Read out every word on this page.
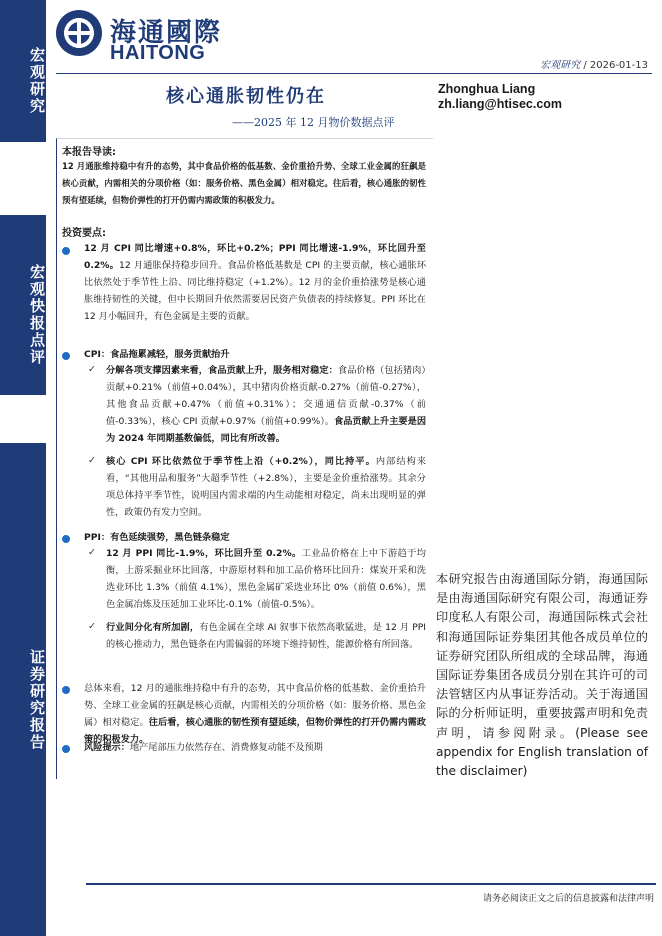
宏观研究
宏观快报点评
证券研究报告
海通國際
HAITONG
宏观研究 / 2026-01-13
核心通胀韧性仍在
——2025 年 12 月物价数据点评
Zhonghua Liang
zh.liang@htisec.com
本报告导读:
12 月通胀维持稳中有升的态势，其中食品价格的低基数、金价重拾升势、全球工业金属的狂飙是核心贡献，内需相关的分项价格（如：服务价格、黑色金属）相对稳定。往后看，核心通胀的韧性预有望延续，但物价弹性的打开仍需内需政策的积极发力。
投资要点:
12 月 CPI 同比增速+0.8%，环比+0.2%；PPI 同比增速-1.9%，环比回升至 0.2%。12 月通胀保持稳步回升。食品价格低基数是 CPI 的主要贡献，核心通胀环比依然处于季节性上沿、同比维持稳定（+1.2%）。12 月的金价重拾涨势是核心通胀维持韧性的关键，但中长期回升依然需要居民资产负债表的持续修复。PPI 环比在 12 月小幅回升，有色金属是主要的贡献。
CPI：食品拖累减轻，服务贡献抬升
✓ 分解各项支撑因素来看，食品贡献上升，服务相对稳定：食品价格（包括猪肉）贡献+0.21%（前值+0.04%），其中猪肉价格贡献-0.27%（前值-0.27%），其他食品贡献+0.47%（前值+0.31%）；交通通信贡献-0.37%（前值-0.33%），核心 CPI 贡献+0.97%（前值+0.99%）。食品贡献上升主要是因为 2024 年同期基数偏低，同比有所改善。
✓ 核心 CPI 环比依然位于季节性上沿（+0.2%），同比持平。内部结构来看，“其他用品和服务”大超季节性（+2.8%），主要是金价重拾涨势。其余分项总体持平季节性，说明国内需求端的内生动能相对稳定，尚未出现明显的弹性，政策仍有发力空间。
PPI：有色延续强势，黑色链条稳定
✓ 12 月 PPI 同比-1.9%，环比回升至 0.2%。工业品价格在上中下游趋于均衡，上游采掘业环比回落，中游原材料和加工品价格环比回升：煤炭开采和洗选业环比 1.3%（前值 4.1%），黑色金属矿采选业环比 0%（前值 0.6%），黑色金属冶炼及压延加工业环比-0.1%（前值-0.5%）。
✓ 行业间分化有所加剧，有色金属在全球 AI 叙事下依然高歌猛进，是 12 月 PPI 的核心推动力，黑色链条在内需偏弱的环境下维持韧性，能源价格有所回落。
总体来看，12 月的通胀维持稳中有升的态势，其中食品价格的低基数、金价重拾升势、全球工业金属的狂飙是核心贡献，内需相关的分项价格（如：服务价格、黑色金属）相对稳定。往后看，核心通胀的韧性预有望延续，但物价弹性的打开仍需内需政策的积极发力。
风险提示：地产尾部压力依然存在、消费修复动能不及预期
本研究报告由海通国际分销，海通国际是由海通国际研究有限公司，海通证券印度私人有限公司，海通国际株式会社和海通国际证券集团其他各成员单位的证券研究团队所组成的全球品牌，海通国际证券集团各成员分别在其许可的司法管辖区内从事证券活动。关于海通国际的分析师证明，重要披露声明和免责声明，请参阅附录。(Please see appendix for English translation of the disclaimer)
请务必阅读正文之后的信息披露和法律声明
